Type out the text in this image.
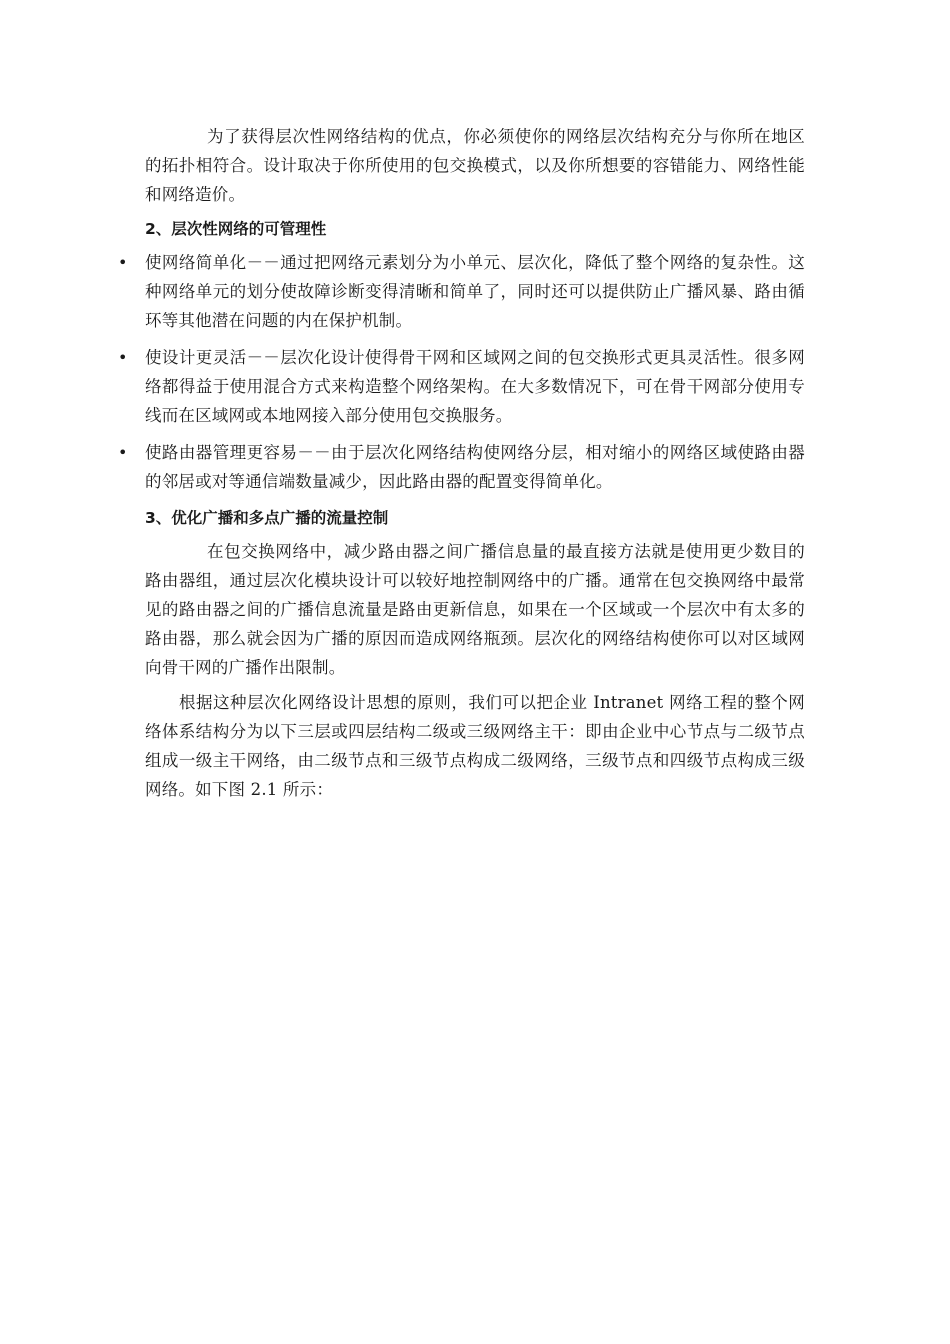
为了获得层次性网络结构的优点，你必须使你的网络层次结构充分与你所在地区的拓扑相符合。设计取决于你所使用的包交换模式，以及你所想要的容错能力、网络性能和网络造价。

2、层次性网络的可管理性
• 使网络简单化－－通过把网络元素划分为小单元、层次化，降低了整个网络的复杂性。这种网络单元的划分使故障诊断变得清晰和简单了，同时还可以提供防止广播风暴、路由循环等其他潜在问题的内在保护机制。

• 使设计更灵活－－层次化设计使得骨干网和区域网之间的包交换形式更具灵活性。很多网络都得益于使用混合方式来构造整个网络架构。在大多数情况下，可在骨干网部分使用专线而在区域网或本地网接入部分使用包交换服务。

• 使路由器管理更容易－－由于层次化网络结构使网络分层，相对缩小的网络区域使路由器的邻居或对等通信端数量减少，因此路由器的配置变得简单化。

3、优化广播和多点广播的流量控制

在包交换网络中，减少路由器之间广播信息量的最直接方法就是使用更少数目的路由器组，通过层次化模块设计可以较好地控制网络中的广播。通常在包交换网络中最常见的路由器之间的广播信息流量是路由更新信息，如果在一个区域或一个层次中有太多的路由器，那么就会因为广播的原因而造成网络瓶颈。层次化的网络结构使你可以对区域网向骨干网的广播作出限制。

根据这种层次化网络设计思想的原则，我们可以把企业 Intranet 网络工程的整个网络体系结构分为以下三层或四层结构二级或三级网络主干：即由企业中心节点与二级节点组成一级主干网络，由二级节点和三级节点构成二级网络，三级节点和四级节点构成三级网络。如下图 2.1 所示：
